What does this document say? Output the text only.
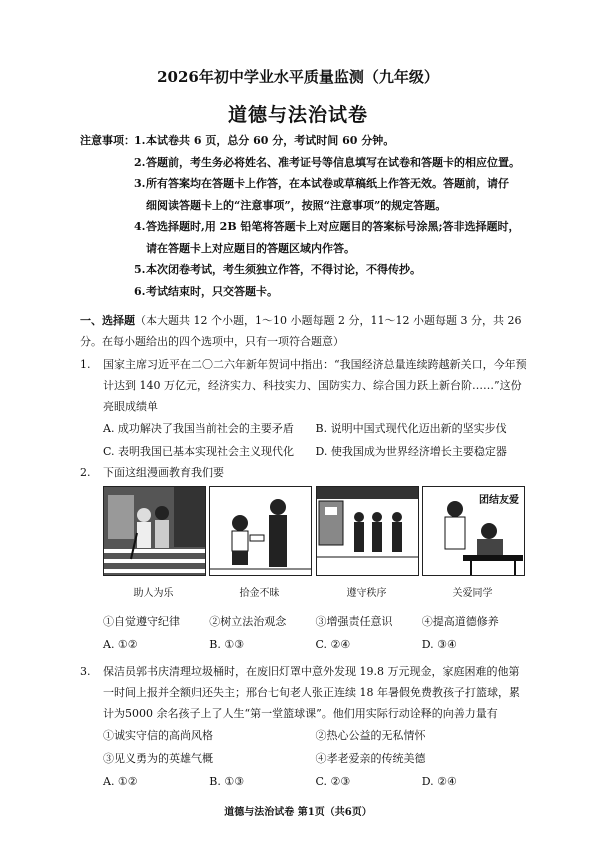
2026年初中学业水平质量监测（九年级）
道德与法治试卷
注意事项： 1. 本试卷共 6 页，总分 60 分，考试时间 60 分钟。
2. 答题前，考生务必将姓名、准考证号等信息填写在试卷和答题卡的相应位置。
3. 所有答案均在答题卡上作答，在本试卷或草稿纸上作答无效。答题前，请仔
细阅读答题卡上的“注意事项”，按照“注意事项”的规定答题。
4. 答选择题时,用 2B 铅笔将答题卡上对应题目的答案标号涂黑;答非选择题时，
请在答题卡上对应题目的答题区域内作答。
5. 本次闭卷考试，考生须独立作答，不得讨论，不得传抄。
6. 考试结束时，只交答题卡。
一、选择题（本大题共 12 个小题，1～10 小题每题 2 分，11～12 小题每题 3 分，共 26 分。在每小题给出的四个选项中，只有一项符合题意）
1. 国家主席习近平在二〇二六年新年贺词中指出：“我国经济总量连续跨越新关口，今年预计达到 140 万亿元，经济实力、科技实力、国防实力、综合国力跃上新台阶……”这份亮眼成绩单
A. 成功解决了我国当前社会的主要矛盾	B. 说明中国式现代化迈出新的坚实步伐
C. 表明我国已基本实现社会主义现代化	D. 使我国成为世界经济增长主要稳定器
2. 下面这组漫画教育我们要
团结友爱
助人为乐	拾金不昧	遵守秩序	关爱同学
①自觉遵守纪律	②树立法治观念	③增强责任意识	④提高道德修养
A. ①②	B. ①③	C. ②④	D. ③④
3. 保洁员郭书庆清理垃圾桶时，在废旧灯罩中意外发现 19.8 万元现金，家庭困难的他第一时间上报并全额归还失主；邢台七旬老人张正连续 18 年暑假免费教孩子打篮球，累计为5000 余名孩子上了人生“第一堂篮球课”。他们用实际行动诠释的向善力量有
①诚实守信的高尚风格	②热心公益的无私情怀
③见义勇为的英雄气概	④孝老爱亲的传统美德
A. ①②	B. ①③	C. ②③	D. ②④
道德与法治试卷 第1页（共6页）
